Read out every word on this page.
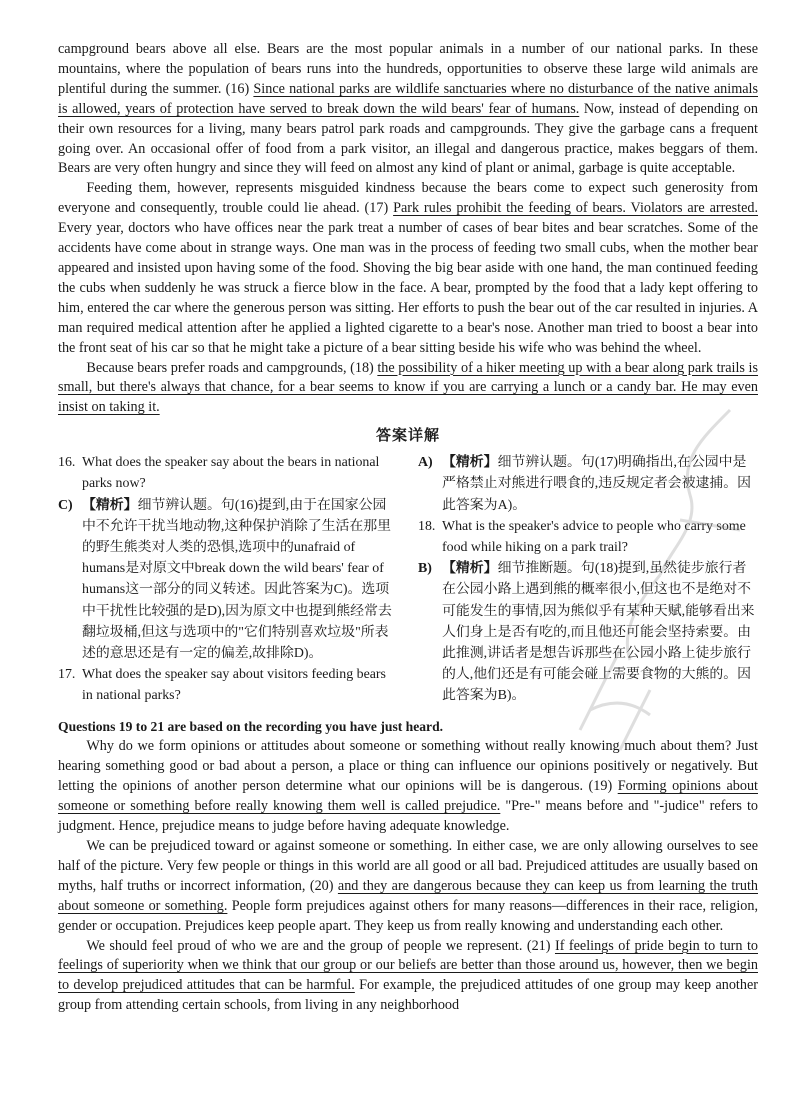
campground bears above all else. Bears are the most popular animals in a number of our national parks. In these mountains, where the population of bears runs into the hundreds, opportunities to observe these large wild animals are plentiful during the summer. (16) Since national parks are wildlife sanctuaries where no disturbance of the native animals is allowed, years of protection have served to break down the wild bears' fear of humans. Now, instead of depending on their own resources for a living, many bears patrol park roads and campgrounds. They give the garbage cans a frequent going over. An occasional offer of food from a park visitor, an illegal and dangerous practice, makes beggars of them. Bears are very often hungry and since they will feed on almost any kind of plant or animal, garbage is quite acceptable.

Feeding them, however, represents misguided kindness because the bears come to expect such generosity from everyone and consequently, trouble could lie ahead. (17) Park rules prohibit the feeding of bears. Violators are arrested. Every year, doctors who have offices near the park treat a number of cases of bear bites and bear scratches. Some of the accidents have come about in strange ways. One man was in the process of feeding two small cubs, when the mother bear appeared and insisted upon having some of the food. Shoving the big bear aside with one hand, the man continued feeding the cubs when suddenly he was struck a fierce blow in the face. A bear, prompted by the food that a lady kept offering to him, entered the car where the generous person was sitting. Her efforts to push the bear out of the car resulted in injuries. A man required medical attention after he applied a lighted cigarette to a bear's nose. Another man tried to boost a bear into the front seat of his car so that he might take a picture of a bear sitting beside his wife who was behind the wheel.

Because bears prefer roads and campgrounds, (18) the possibility of a hiker meeting up with a bear along park trails is small, but there's always that chance, for a bear seems to know if you are carrying a lunch or a candy bar. He may even insist on taking it.

答案详解
16. What does the speaker say about the bears in national parks now?
C) 【精析】细节辨认题。句(16)提到,由于在国家公园中不允许干扰当地动物,这种保护消除了生活在那里的野生熊类对人类的恐惧,选项中的unafraid of humans是对原文中break down the wild bears' fear of humans这一部分的同义转述。因此答案为C)。选项中干扰性比较强的是D),因为原文中也提到熊经常去翻垃圾桶,但这与选项中的"它们特别喜欢垃圾"所表述的意思还是有一定的偏差,故排除D)。
17. What does the speaker say about visitors feeding bears in national parks?
A) 【精析】细节辨认题。句(17)明确指出,在公园中是严格禁止对熊进行喂食的,违反规定者会被逮捕。因此答案为A)。
18. What is the speaker's advice to people who carry some food while hiking on a park trail?
B) 【精析】细节推断题。句(18)提到,虽然徒步旅行者在公园小路上遇到熊的概率很小,但这也不是绝对不可能发生的事情,因为熊似乎有某种天赋,能够看出来人们身上是否有吃的,而且他还可能会坚持索要。由此推测,讲话者是想告诉那些在公园小路上徒步旅行的人,他们还是有可能会碰上需要食物的大熊的。因此答案为B)。
Questions 19 to 21 are based on the recording you have just heard.

Why do we form opinions or attitudes about someone or something without really knowing much about them? Just hearing something good or bad about a person, a place or thing can influence our opinions positively or negatively. But letting the opinions of another person determine what our opinions will be is dangerous. (19) Forming opinions about someone or something before really knowing them well is called prejudice. "Pre-" means before and "-judice" refers to judgment. Hence, prejudice means to judge before having adequate knowledge.

We can be prejudiced toward or against someone or something. In either case, we are only allowing ourselves to see half of the picture. Very few people or things in this world are all good or all bad. Prejudiced attitudes are usually based on myths, half truths or incorrect information, (20) and they are dangerous because they can keep us from learning the truth about someone or something. People form prejudices against others for many reasons—differences in their race, religion, gender or occupation. Prejudices keep people apart. They keep us from really knowing and understanding each other.

We should feel proud of who we are and the group of people we represent. (21) If feelings of pride begin to turn to feelings of superiority when we think that our group or our beliefs are better than those around us, however, then we begin to develop prejudiced attitudes that can be harmful. For example, the prejudiced attitudes of one group may keep another group from attending certain schools, from living in any neighborhood
